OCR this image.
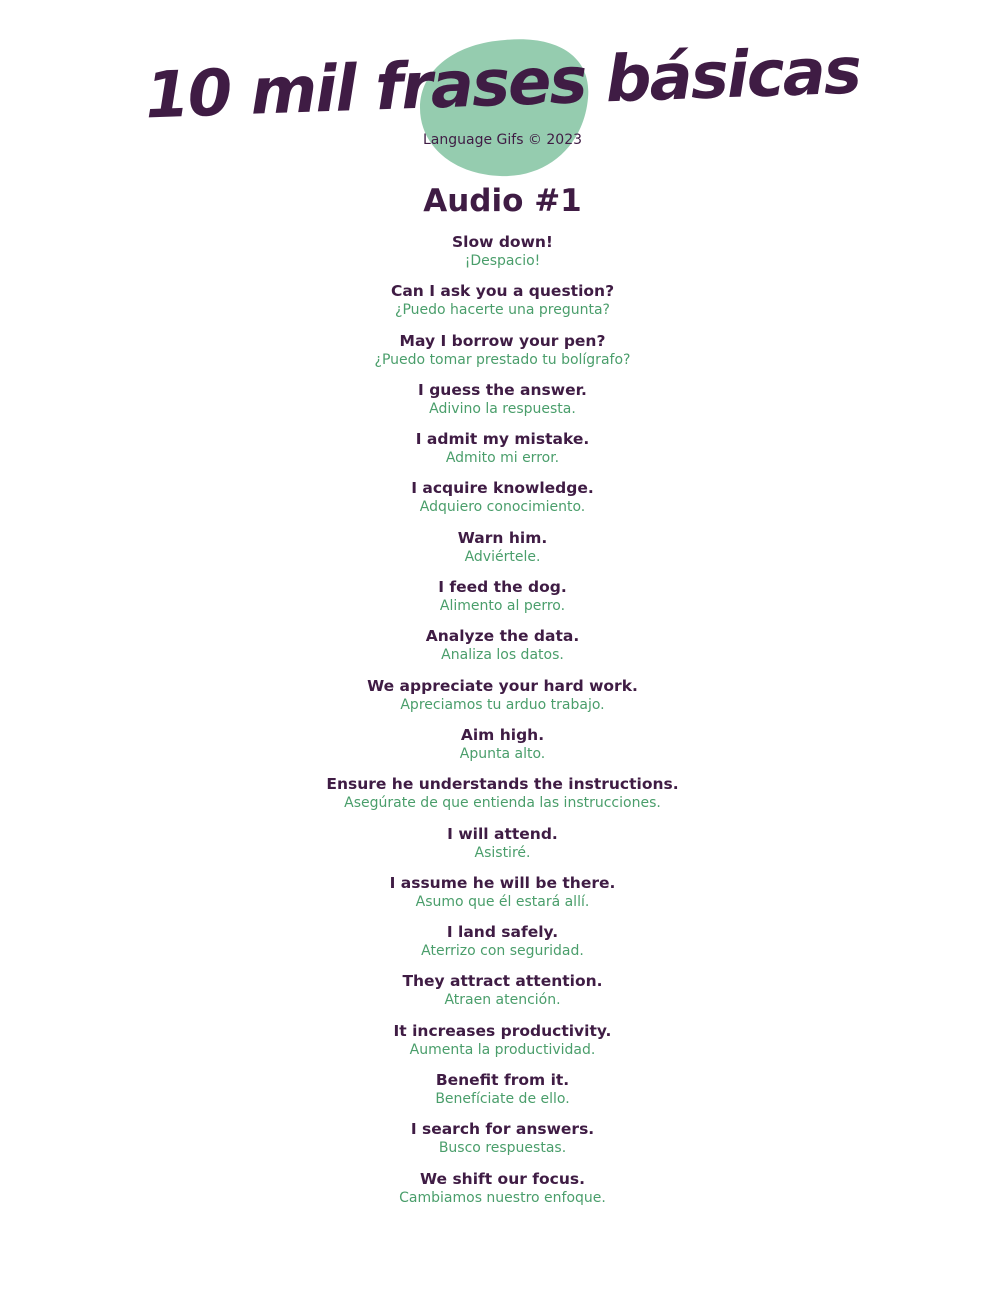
10 mil frases básicas
Language Gifs © 2023
Audio #1
Slow down!
¡Despacio!
Can I ask you a question?
¿Puedo hacerte una pregunta?
May I borrow your pen?
¿Puedo tomar prestado tu bolígrafo?
I guess the answer.
Adivino la respuesta.
I admit my mistake.
Admito mi error.
I acquire knowledge.
Adquiero conocimiento.
Warn him.
Adviértele.
I feed the dog.
Alimento al perro.
Analyze the data.
Analiza los datos.
We appreciate your hard work.
Apreciamos tu arduo trabajo.
Aim high.
Apunta alto.
Ensure he understands the instructions.
Asegúrate de que entienda las instrucciones.
I will attend.
Asistiré.
I assume he will be there.
Asumo que él estará allí.
I land safely.
Aterrizo con seguridad.
They attract attention.
Atraen atención.
It increases productivity.
Aumenta la productividad.
Benefit from it.
Benefíciate de ello.
I search for answers.
Busco respuestas.
We shift our focus.
Cambiamos nuestro enfoque.
